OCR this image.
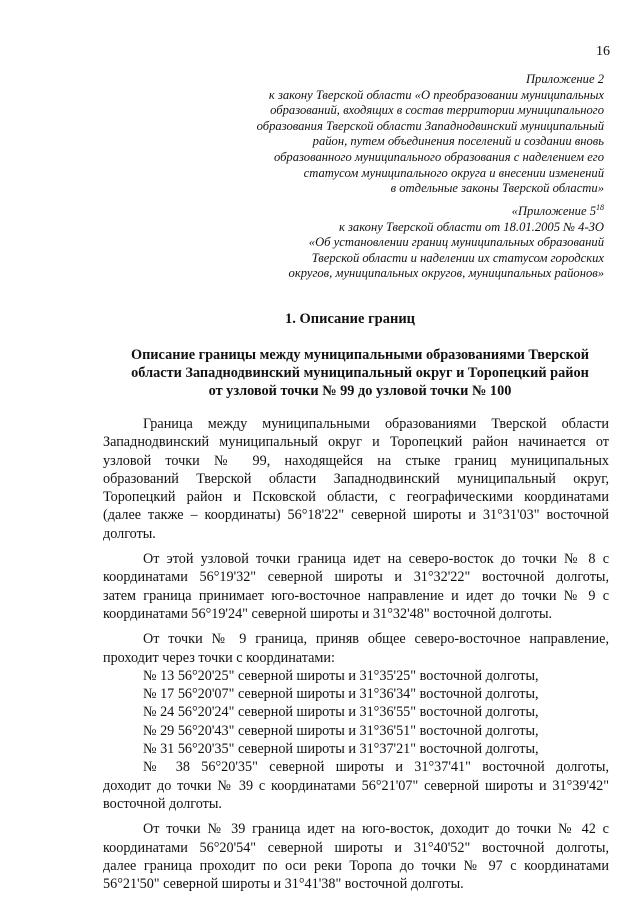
16
Приложение 2
к закону Тверской области «О преобразовании муниципальных
образований, входящих в состав территории муниципального
образования Тверской области Западнодвинский муниципальный
район, путем объединения поселений и создании вновь
образованного муниципального образования с наделением его
статусом муниципального округа и внесении изменений
в отдельные законы Тверской области»
«Приложение $5^{18}$
к закону Тверской области от 18.01.2005 № 4-ЗО
«Об установлении границ муниципальных образований
Тверской области и наделении их статусом городских
округов, муниципальных округов, муниципальных районов»
1. Описание границ
Описание границы между муниципальными образованиями Тверской
области Западнодвинский муниципальный округ и Торопецкий район
от узловой точки № 99 до узловой точки № 100
Граница между муниципальными образованиями Тверской области
Западнодвинский муниципальный округ и Торопецкий район начинается от
узловой точки № 99, находящейся на стыке границ муниципальных
образований Тверской области Западнодвинский муниципальный округ,
Торопецкий район и Псковской области, с географическими координатами
(далее также – координаты) 56°18'22" северной широты и 31°31'03" восточной
долготы.
От этой узловой точки граница идет на северо-восток до точки № 8 с
координатами 56°19'32" северной широты и 31°32'22" восточной долготы,
затем граница принимает юго-восточное направление и идет до точки № 9 с
координатами 56°19'24" северной широты и 31°32'48" восточной долготы.
От точки № 9 граница, приняв общее северо-восточное направление,
проходит через точки с координатами:
№ 13 56°20'25" северной широты и 31°35'25" восточной долготы,
№ 17 56°20'07" северной широты и 31°36'34" восточной долготы,
№ 24 56°20'24" северной широты и 31°36'55" восточной долготы,
№ 29 56°20'43" северной широты и 31°36'51" восточной долготы,
№ 31 56°20'35" северной широты и 31°37'21" восточной долготы,
№ 38 56°20'35" северной широты и 31°37'41" восточной долготы,
доходит до точки № 39 с координатами 56°21'07" северной широты и 31°39'42"
восточной долготы.
От точки № 39 граница идет на юго-восток, доходит до точки № 42 с
координатами 56°20'54" северной широты и 31°40'52" восточной долготы,
далее граница проходит по оси реки Торопа до точки № 97 с координатами
56°21'50" северной широты и 31°41'38" восточной долготы.
